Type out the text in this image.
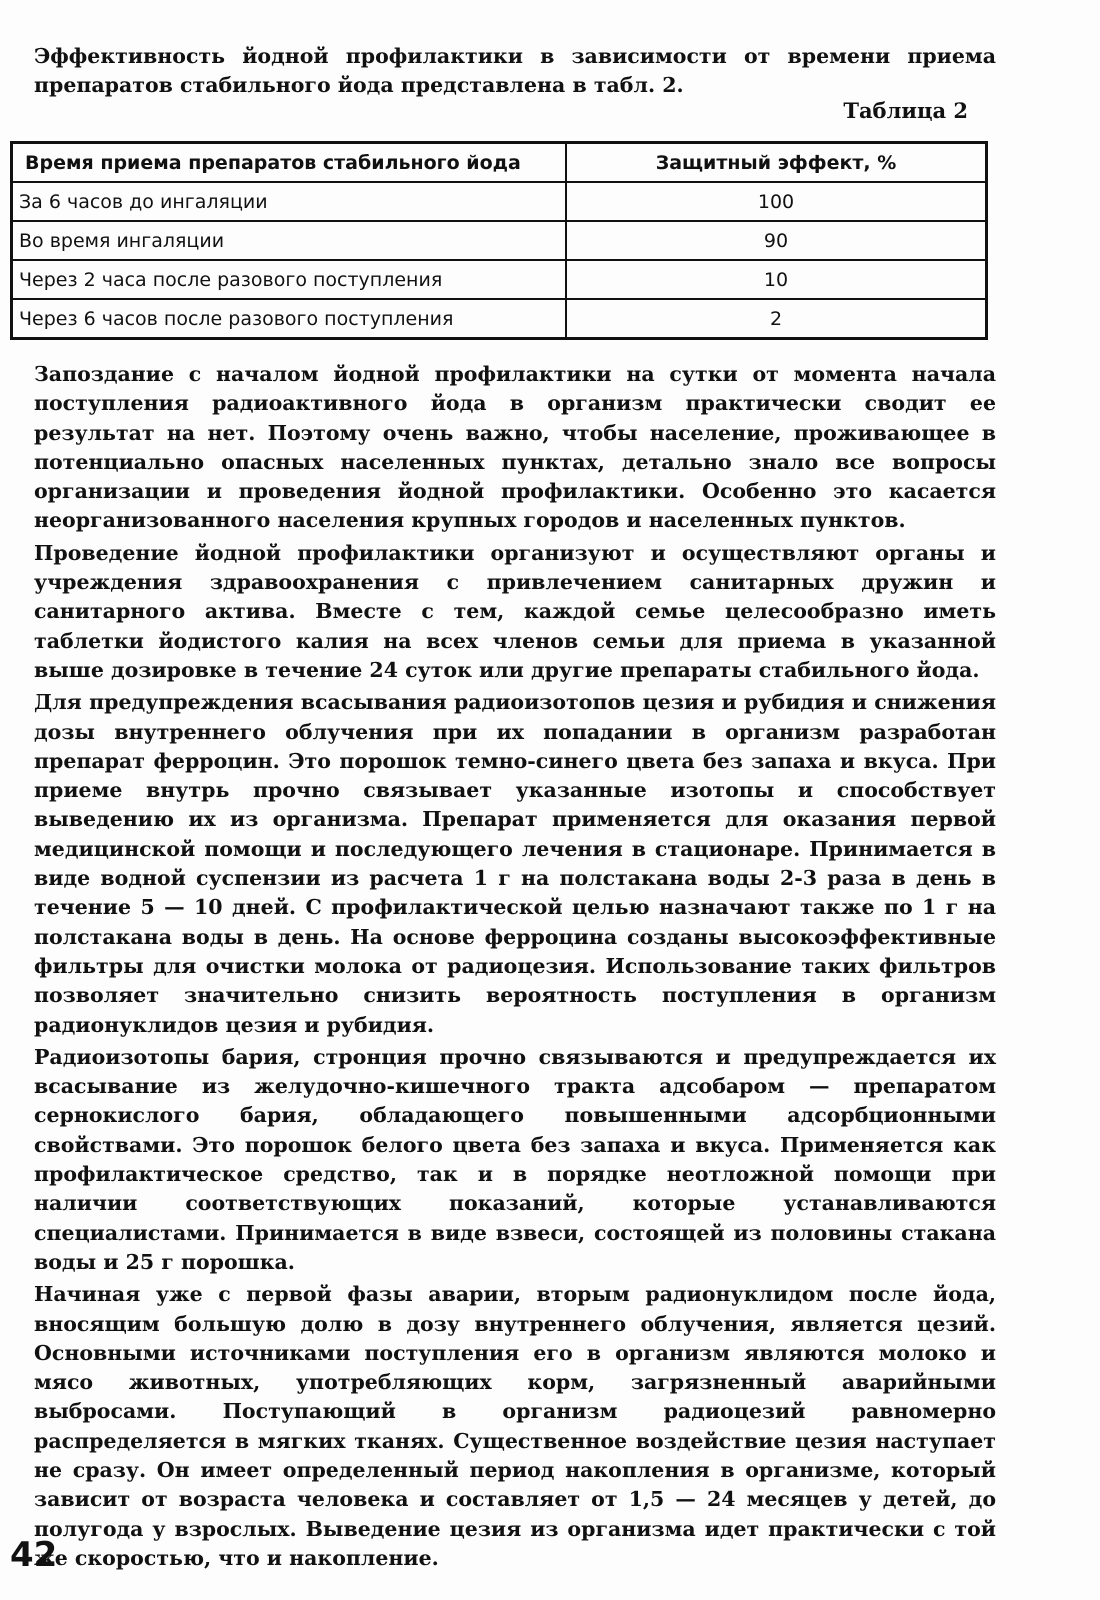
Эффективность йодной профилактики в зависимости от времени приема препаратов стабильного йода представлена в табл. 2.
Таблица 2
Время приема препаратов стабильного йода	Защитный эффект, %
За 6 часов до ингаляции	100
Во время ингаляции	90
Через 2 часа после разового поступления	10
Через 6 часов после разового поступления	2

Запоздание с началом йодной профилактики на сутки от момента начала поступления радиоактивного йода в организм практически сводит ее результат на нет. Поэтому очень важно, чтобы население, проживающее в потенциально опасных населенных пунктах, детально знало все вопросы организации и проведения йодной профилактики. Особенно это касается неорганизованного населения крупных городов и населенных пунктов.

Проведение йодной профилактики организуют и осуществляют органы и учреждения здравоохранения с привлечением санитарных дружин и санитарного актива. Вместе с тем, каждой семье целесообразно иметь таблетки йодистого калия на всех членов семьи для приема в указанной выше дозировке в течение 24 суток или другие препараты стабильного йода.

Для предупреждения всасывания радиоизотопов цезия и рубидия и снижения дозы внутреннего облучения при их попадании в организм разработан препарат ферроцин. Это порошок темно-синего цвета без запаха и вкуса. При приеме внутрь прочно связывает указанные изотопы и способствует выведению их из организма. Препарат применяется для оказания первой медицинской помощи и последующего лечения в стационаре. Принимается в виде водной суспензии из расчета 1 г на полстакана воды 2-3 раза в день в течение 5 — 10 дней. С профилактической целью назначают также по 1 г на полстакана воды в день. На основе ферроцина созданы высокоэффективные фильтры для очистки молока от радиоцезия. Использование таких фильтров позволяет значительно снизить вероятность поступления в организм радионуклидов цезия и рубидия.

Радиоизотопы бария, стронция прочно связываются и предупреждается их всасывание из желудочно-кишечного тракта адсобаром — препаратом сернокислого бария, обладающего повышенными адсорбционными свойствами. Это порошок белого цвета без запаха и вкуса. Применяется как профилактическое средство, так и в порядке неотложной помощи при наличии соответствующих показаний, которые устанавливаются специалистами. Принимается в виде взвеси, состоящей из половины стакана воды и 25 г порошка.

Начиная уже с первой фазы аварии, вторым радионуклидом после йода, вносящим большую долю в дозу внутреннего облучения, является цезий. Основными источниками поступления его в организм являются молоко и мясо животных, употребляющих корм, загрязненный аварийными выбросами. Поступающий в организм радиоцезий равномерно распределяется в мягких тканях. Существенное воздействие цезия наступает не сразу. Он имеет определенный период накопления в организме, который зависит от возраста человека и составляет от 1,5 — 24 месяцев у детей, до полугода у взрослых. Выведение цезия из организма идет практически с той же скоростью, что и накопление.

42
